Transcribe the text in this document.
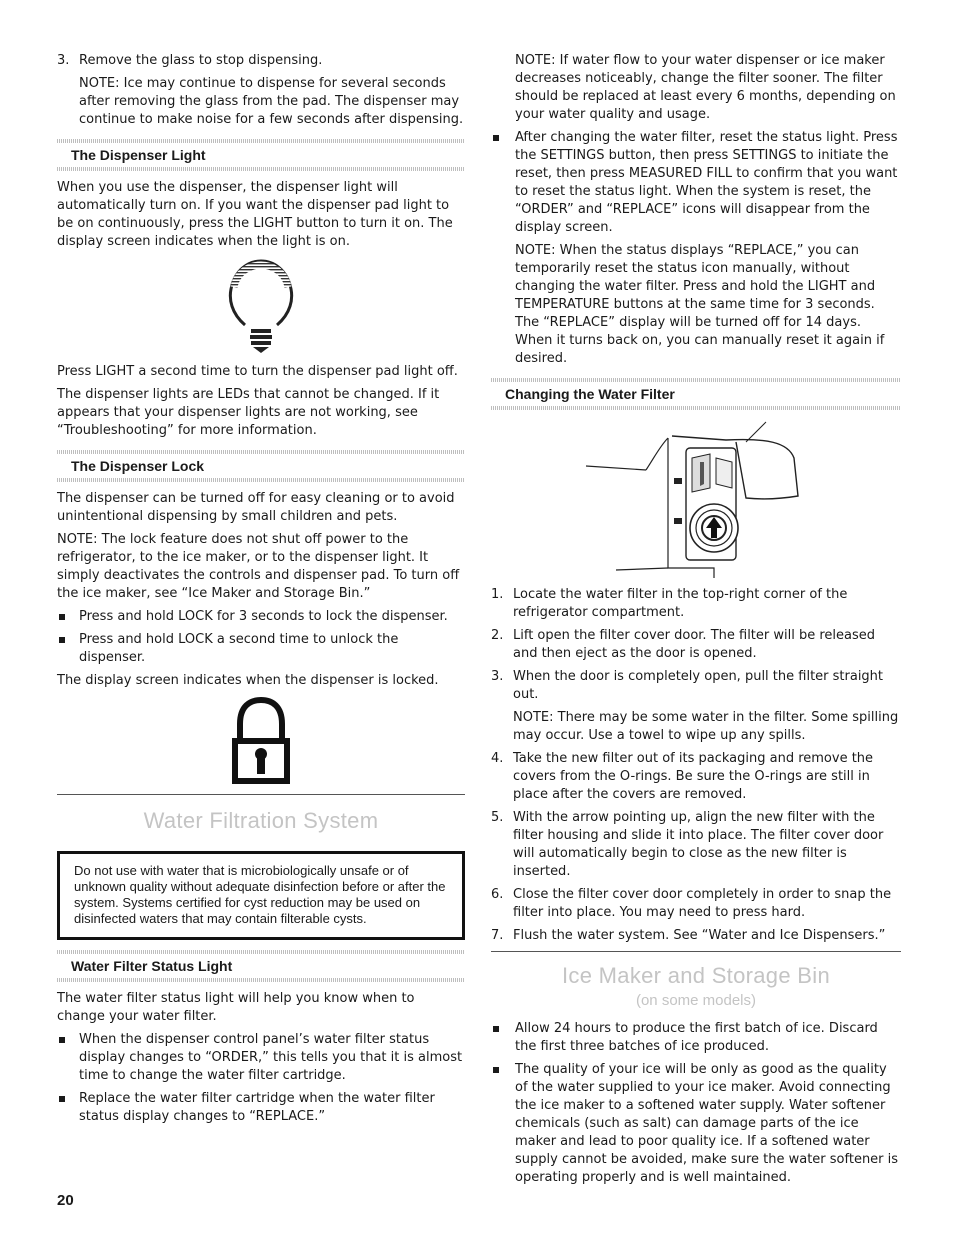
3. Remove the glass to stop dispensing.

NOTE: Ice may continue to dispense for several seconds after removing the glass from the pad. The dispenser may continue to make noise for a few seconds after dispensing.

The Dispenser Light

When you use the dispenser, the dispenser light will automatically turn on. If you want the dispenser pad light to be on continuously, press the LIGHT button to turn it on. The display screen indicates when the light is on.

Press LIGHT a second time to turn the dispenser pad light off.

The dispenser lights are LEDs that cannot be changed. If it appears that your dispenser lights are not working, see “Troubleshooting” for more information.

The Dispenser Lock

The dispenser can be turned off for easy cleaning or to avoid unintentional dispensing by small children and pets.

NOTE: The lock feature does not shut off power to the refrigerator, to the ice maker, or to the dispenser light. It simply deactivates the controls and dispenser pad. To turn off the ice maker, see “Ice Maker and Storage Bin.”

Press and hold LOCK for 3 seconds to lock the dispenser.
Press and hold LOCK a second time to unlock the dispenser.

The display screen indicates when the dispenser is locked.

Water Filtration System
Do not use with water that is microbiologically unsafe or of unknown quality without adequate disinfection before or after the system. Systems certified for cyst reduction may be used on disinfected waters that may contain filterable cysts.
Water Filter Status Light

The water filter status light will help you know when to change your water filter.

When the dispenser control panel’s water filter status display changes to “ORDER,” this tells you that it is almost time to change the water filter cartridge.
Replace the water filter cartridge when the water filter status display changes to “REPLACE.”
20

NOTE: If water flow to your water dispenser or ice maker decreases noticeably, change the filter sooner. The filter should be replaced at least every 6 months, depending on your water quality and usage.

After changing the water filter, reset the status light. Press the SETTINGS button, then press SETTINGS to initiate the reset, then press MEASURED FILL to confirm that you want to reset the status light. When the system is reset, the “ORDER” and “REPLACE” icons will disappear from the display screen.

NOTE: When the status displays “REPLACE,” you can temporarily reset the status icon manually, without changing the water filter. Press and hold the LIGHT and TEMPERATURE buttons at the same time for 3 seconds. The “REPLACE” display will be turned off for 14 days. When it turns back on, you can manually reset it again if desired.

Changing the Water Filter
1. Locate the water filter in the top-right corner of the refrigerator compartment.

2. Lift open the filter cover door. The filter will be released and then eject as the door is opened.

3. When the door is completely open, pull the filter straight out.

NOTE: There may be some water in the filter. Some spilling may occur. Use a towel to wipe up any spills.

4. Take the new filter out of its packaging and remove the covers from the O-rings. Be sure the O-rings are still in place after the covers are removed.

5. With the arrow pointing up, align the new filter with the filter housing and slide it into place. The filter cover door will automatically begin to close as the new filter is inserted.

6. Close the filter cover door completely in order to snap the filter into place. You may need to press hard.

7. Flush the water system. See “Water and Ice Dispensers.”

Ice Maker and Storage Bin
(on some models)
Allow 24 hours to produce the first batch of ice. Discard the first three batches of ice produced.
The quality of your ice will be only as good as the quality of the water supplied to your ice maker. Avoid connecting the ice maker to a softened water supply. Water softener chemicals (such as salt) can damage parts of the ice maker and lead to poor quality ice. If a softened water supply cannot be avoided, make sure the water softener is operating properly and is well maintained.
